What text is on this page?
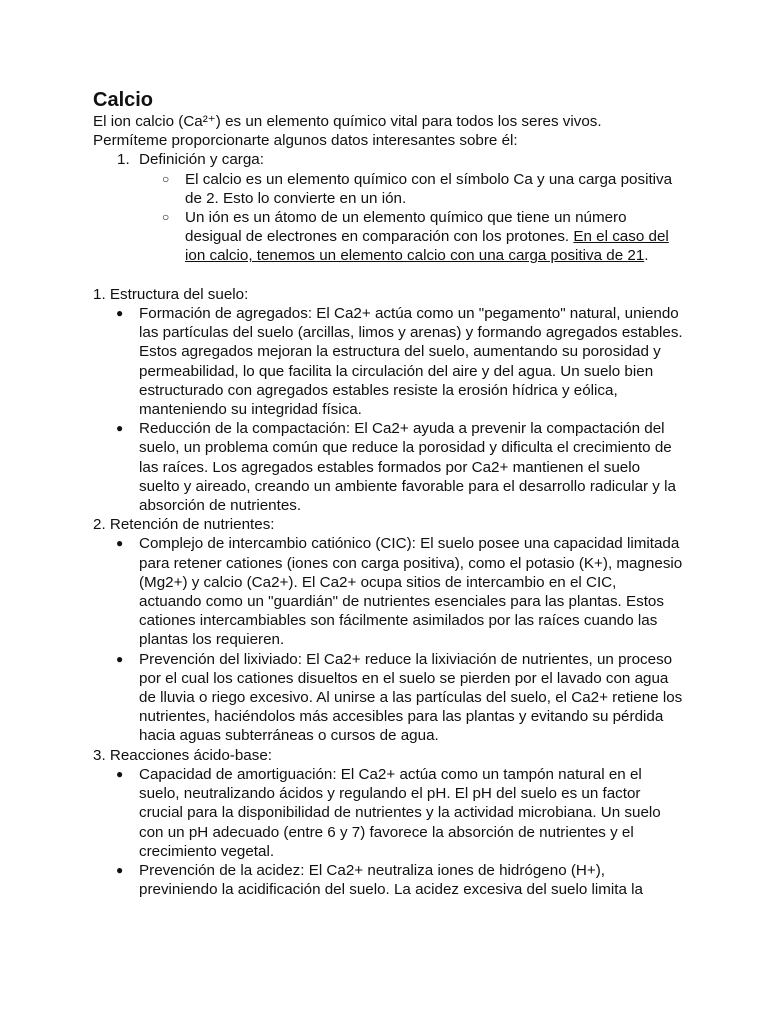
Calcio

El ion calcio (Ca²⁺) es un elemento químico vital para todos los seres vivos.

Permíteme proporcionarte algunos datos interesantes sobre él:

1. Definición y carga:
○ El calcio es un elemento químico con el símbolo Ca y una carga positiva de 2. Esto lo convierte en un ión.
○ Un ión es un átomo de un elemento químico que tiene un número desigual de electrones en comparación con los protones. En el caso del ion calcio, tenemos un elemento calcio con una carga positiva de 21.

1. Estructura del suelo:

● Formación de agregados: El Ca2+ actúa como un "pegamento" natural, uniendo las partículas del suelo (arcillas, limos y arenas) y formando agregados estables. Estos agregados mejoran la estructura del suelo, aumentando su porosidad y permeabilidad, lo que facilita la circulación del aire y del agua. Un suelo bien estructurado con agregados estables resiste la erosión hídrica y eólica, manteniendo su integridad física.
● Reducción de la compactación: El Ca2+ ayuda a prevenir la compactación del suelo, un problema común que reduce la porosidad y dificulta el crecimiento de las raíces. Los agregados estables formados por Ca2+ mantienen el suelo suelto y aireado, creando un ambiente favorable para el desarrollo radicular y la absorción de nutrientes.

2. Retención de nutrientes:

● Complejo de intercambio catiónico (CIC): El suelo posee una capacidad limitada para retener cationes (iones con carga positiva), como el potasio (K+), magnesio (Mg2+) y calcio (Ca2+). El Ca2+ ocupa sitios de intercambio en el CIC, actuando como un "guardián" de nutrientes esenciales para las plantas. Estos cationes intercambiables son fácilmente asimilados por las raíces cuando las plantas los requieren.
● Prevención del lixiviado: El Ca2+ reduce la lixiviación de nutrientes, un proceso por el cual los cationes disueltos en el suelo se pierden por el lavado con agua de lluvia o riego excesivo. Al unirse a las partículas del suelo, el Ca2+ retiene los nutrientes, haciéndolos más accesibles para las plantas y evitando su pérdida hacia aguas subterráneas o cursos de agua.

3. Reacciones ácido-base:

● Capacidad de amortiguación: El Ca2+ actúa como un tampón natural en el suelo, neutralizando ácidos y regulando el pH. El pH del suelo es un factor crucial para la disponibilidad de nutrientes y la actividad microbiana. Un suelo con un pH adecuado (entre 6 y 7) favorece la absorción de nutrientes y el crecimiento vegetal.
● Prevención de la acidez: El Ca2+ neutraliza iones de hidrógeno (H+), previniendo la acidificación del suelo. La acidez excesiva del suelo limita la
